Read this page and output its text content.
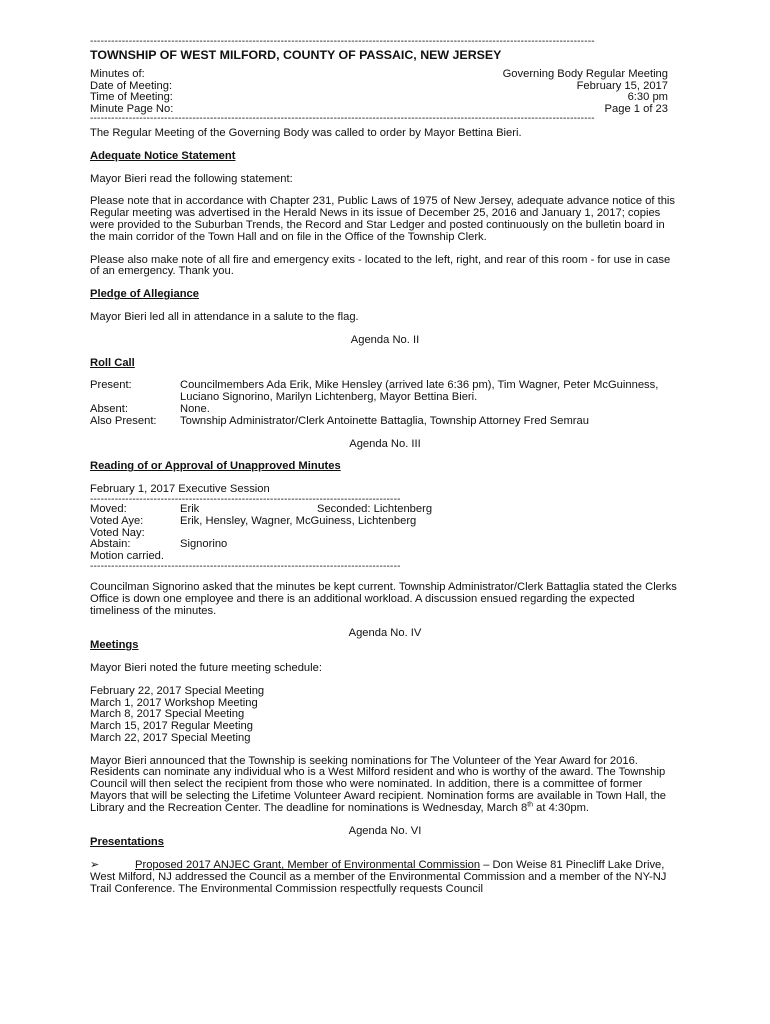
-----------------------------------------------------------------------------------------------------------------------------------------------
TOWNSHIP OF WEST MILFORD, COUNTY OF PASSAIC, NEW JERSEY
Minutes of:	Governing Body Regular Meeting
Date of Meeting:	February 15, 2017
Time of Meeting:	6:30 pm
Minute Page No:	Page 1 of 23
-----------------------------------------------------------------------------------------------------------------------------------------------

The Regular Meeting of the Governing Body was called to order by Mayor Bettina Bieri.

Adequate Notice Statement

Mayor Bieri read the following statement:

Please note that in accordance with Chapter 231, Public Laws of 1975 of New Jersey, adequate advance notice of this Regular meeting was advertised in the Herald News in its issue of December 25, 2016 and January 1, 2017; copies were provided to the Suburban Trends, the Record and Star Ledger and posted continuously on the bulletin board in the main corridor of the Town Hall and on file in the Office of the Township Clerk.

Please also make note of all fire and emergency exits - located to the left, right, and rear of this room - for use in case of an emergency. Thank you.

Pledge of Allegiance

Mayor Bieri led all in attendance in a salute to the flag.

Agenda No. II
Roll Call
Present:	Councilmembers Ada Erik, Mike Hensley (arrived late 6:36 pm), Tim Wagner, Peter McGuinness, Luciano Signorino, Marilyn Lichtenberg, Mayor Bettina Bieri.
Absent:	None.
Also Present:	Township Administrator/Clerk Antoinette Battaglia, Township Attorney Fred Semrau
Agenda No. III
Reading of or Approval of Unapproved Minutes

February 1, 2017 Executive Session

----------------------------------------------------------------------------------------
Moved:	Erik	Seconded: Lichtenberg
Voted Aye:	Erik, Hensley, Wagner, McGuiness, Lichtenberg
Voted Nay:
Abstain:	Signorino

Motion carried.

----------------------------------------------------------------------------------------

Councilman Signorino asked that the minutes be kept current. Township Administrator/Clerk Battaglia stated the Clerks Office is down one employee and there is an additional workload. A discussion ensued regarding the expected timeliness of the minutes.

Agenda No. IV
Meetings

Mayor Bieri noted the future meeting schedule:

February 22, 2017 Special Meeting

March 1, 2017 Workshop Meeting

March 8, 2017 Special Meeting

March 15, 2017 Regular Meeting

March 22, 2017 Special Meeting

Mayor Bieri announced that the Township is seeking nominations for The Volunteer of the Year Award for 2016. Residents can nominate any individual who is a West Milford resident and who is worthy of the award. The Township Council will then select the recipient from those who were nominated. In addition, there is a committee of former Mayors that will be selecting the Lifetime Volunteer Award recipient. Nomination forms are available in Town Hall, the Library and the Recreation Center. The deadline for nominations is Wednesday, March 8th at 4:30pm.

Agenda No. VI
Presentations

➢	Proposed 2017 ANJEC Grant, Member of Environmental Commission – Don Weise 81 Pinecliff Lake Drive, West Milford, NJ addressed the Council as a member of the Environmental Commission and a member of the NY-NJ Trail Conference. The Environmental Commission respectfully requests Council
